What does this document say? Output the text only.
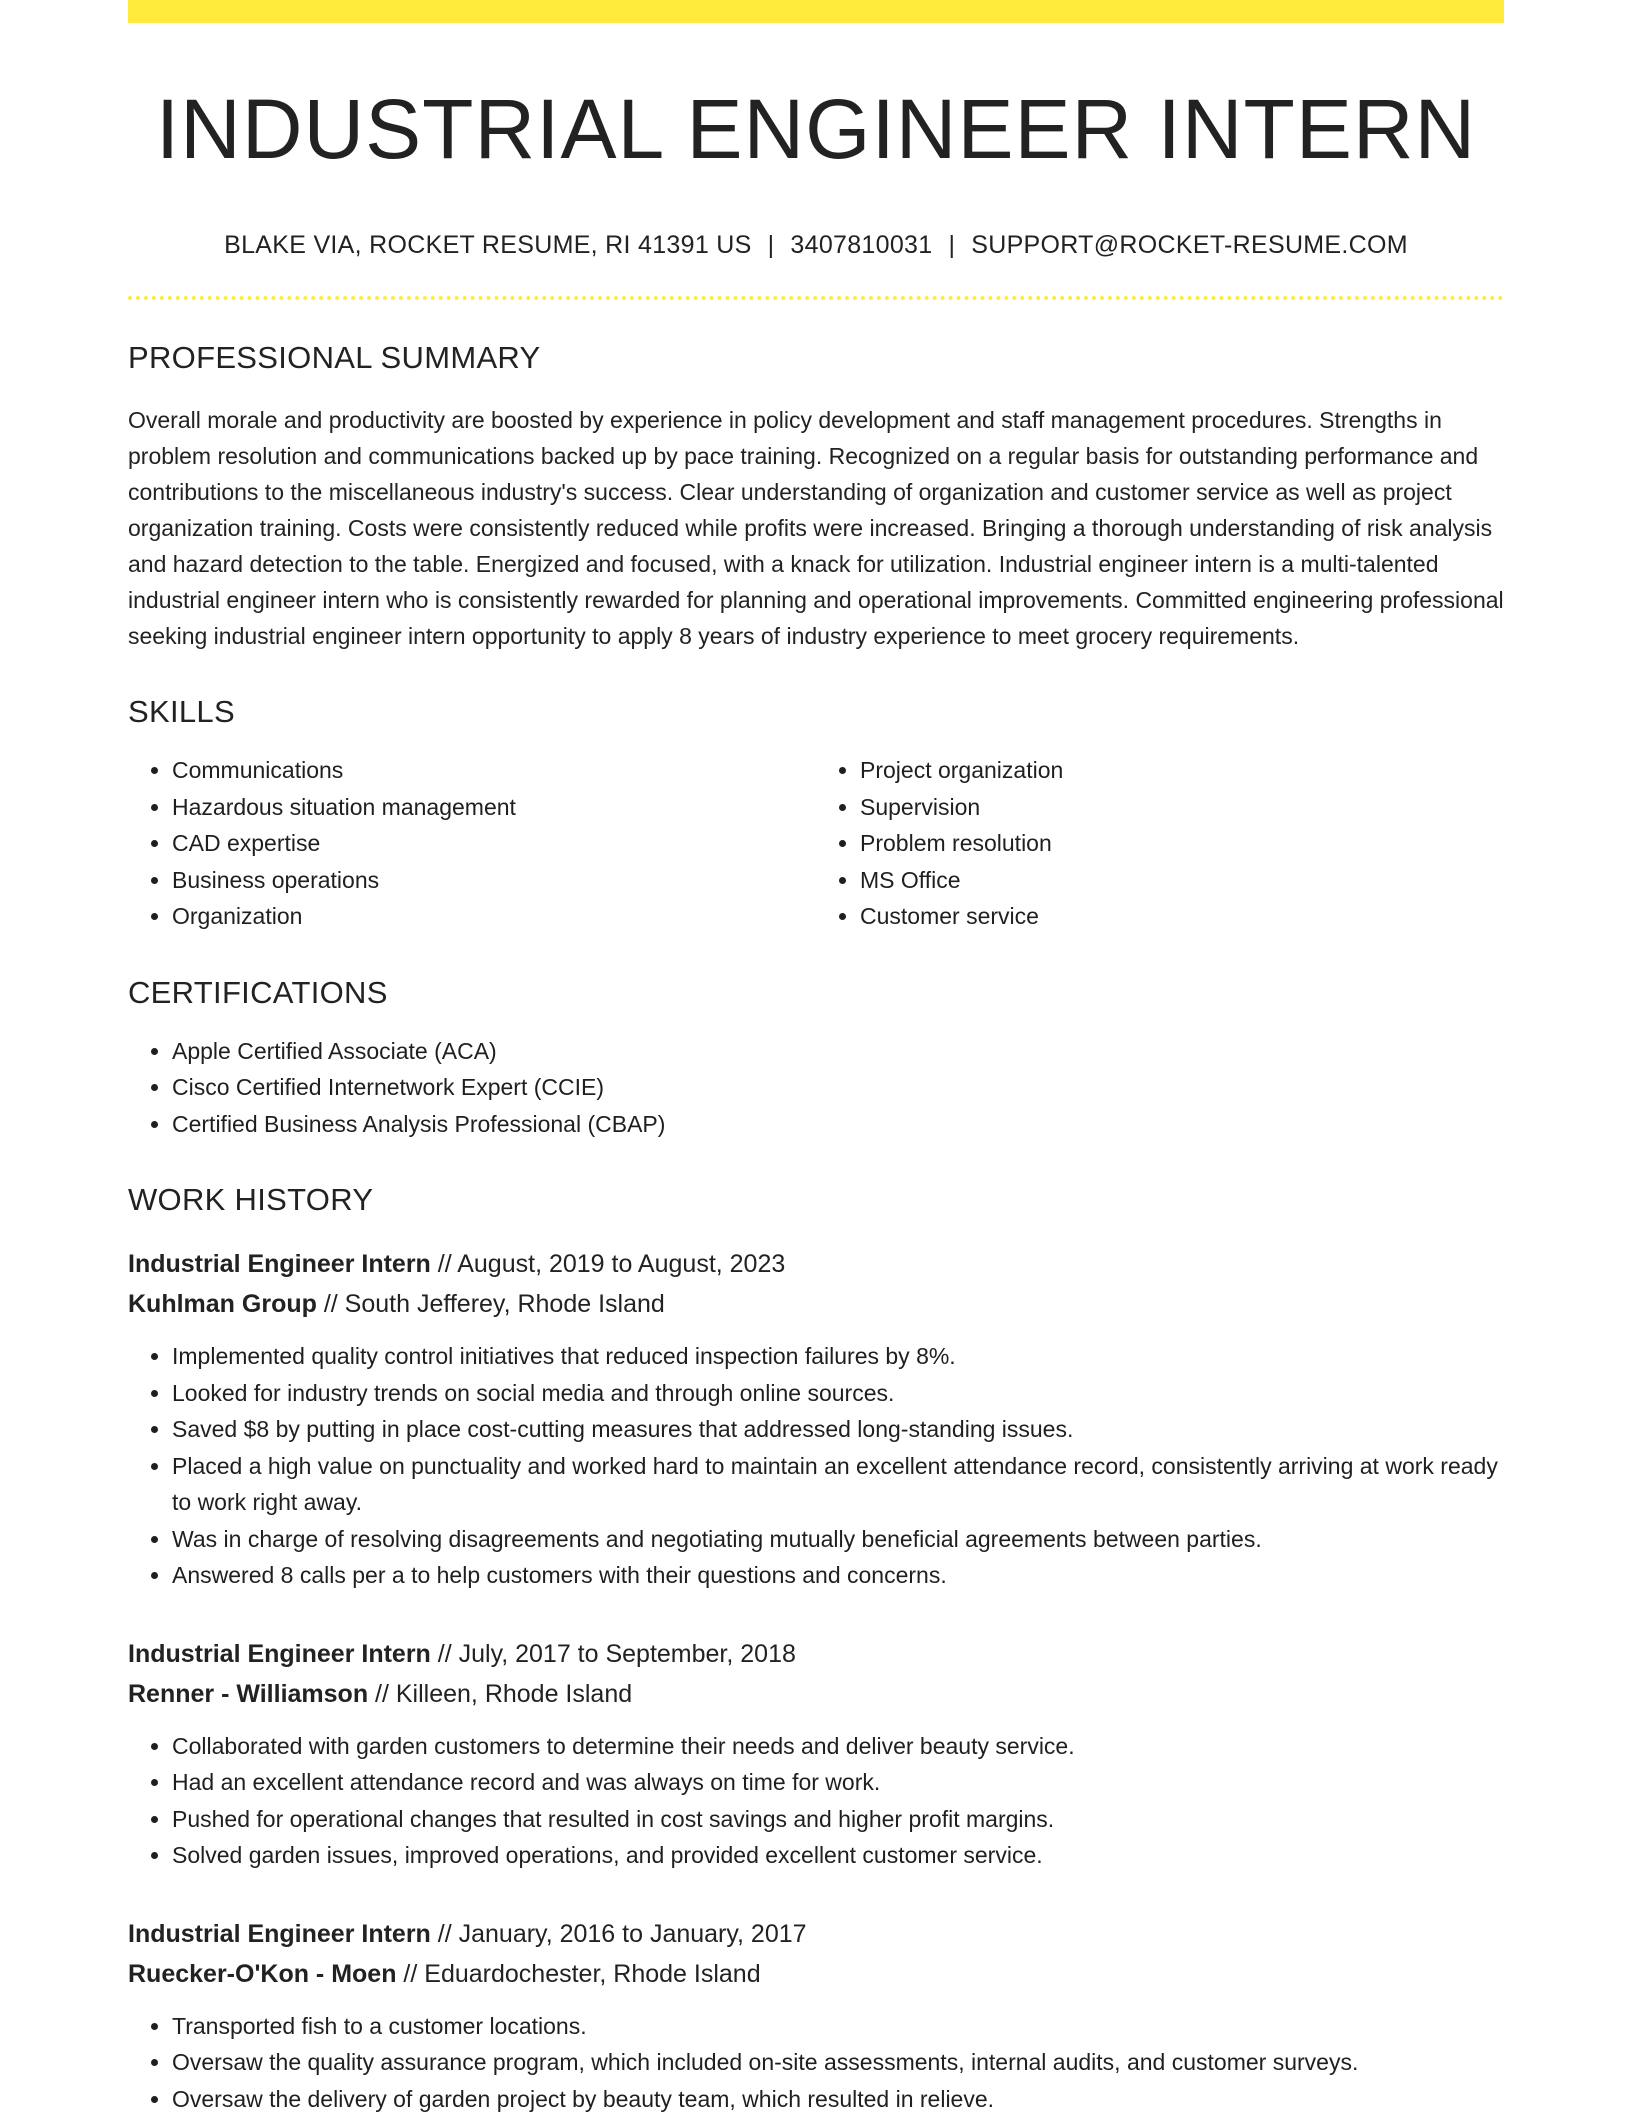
INDUSTRIAL ENGINEER INTERN
BLAKE VIA, ROCKET RESUME, RI 41391 US | 3407810031 | SUPPORT@ROCKET-RESUME.COM
PROFESSIONAL SUMMARY
Overall morale and productivity are boosted by experience in policy development and staff management procedures. Strengths in problem resolution and communications backed up by pace training. Recognized on a regular basis for outstanding performance and contributions to the miscellaneous industry's success. Clear understanding of organization and customer service as well as project organization training. Costs were consistently reduced while profits were increased. Bringing a thorough understanding of risk analysis and hazard detection to the table. Energized and focused, with a knack for utilization. Industrial engineer intern is a multi-talented industrial engineer intern who is consistently rewarded for planning and operational improvements. Committed engineering professional seeking industrial engineer intern opportunity to apply 8 years of industry experience to meet grocery requirements.
SKILLS
• Communications
• Hazardous situation management
• CAD expertise
• Business operations
• Organization
• Project organization
• Supervision
• Problem resolution
• MS Office
• Customer service
CERTIFICATIONS
• Apple Certified Associate (ACA)
• Cisco Certified Internetwork Expert (CCIE)
• Certified Business Analysis Professional (CBAP)
WORK HISTORY
Industrial Engineer Intern // August, 2019 to August, 2023
Kuhlman Group // South Jefferey, Rhode Island
• Implemented quality control initiatives that reduced inspection failures by 8%.
• Looked for industry trends on social media and through online sources.
• Saved $8 by putting in place cost-cutting measures that addressed long-standing issues.
• Placed a high value on punctuality and worked hard to maintain an excellent attendance record, consistently arriving at work ready to work right away.
• Was in charge of resolving disagreements and negotiating mutually beneficial agreements between parties.
• Answered 8 calls per a to help customers with their questions and concerns.
Industrial Engineer Intern // July, 2017 to September, 2018
Renner - Williamson // Killeen, Rhode Island
• Collaborated with garden customers to determine their needs and deliver beauty service.
• Had an excellent attendance record and was always on time for work.
• Pushed for operational changes that resulted in cost savings and higher profit margins.
• Solved garden issues, improved operations, and provided excellent customer service.
Industrial Engineer Intern // January, 2016 to January, 2017
Ruecker-O'Kon - Moen // Eduardochester, Rhode Island
• Transported fish to a customer locations.
• Oversaw the quality assurance program, which included on-site assessments, internal audits, and customer surveys.
• Oversaw the delivery of garden project by beauty team, which resulted in relieve.
